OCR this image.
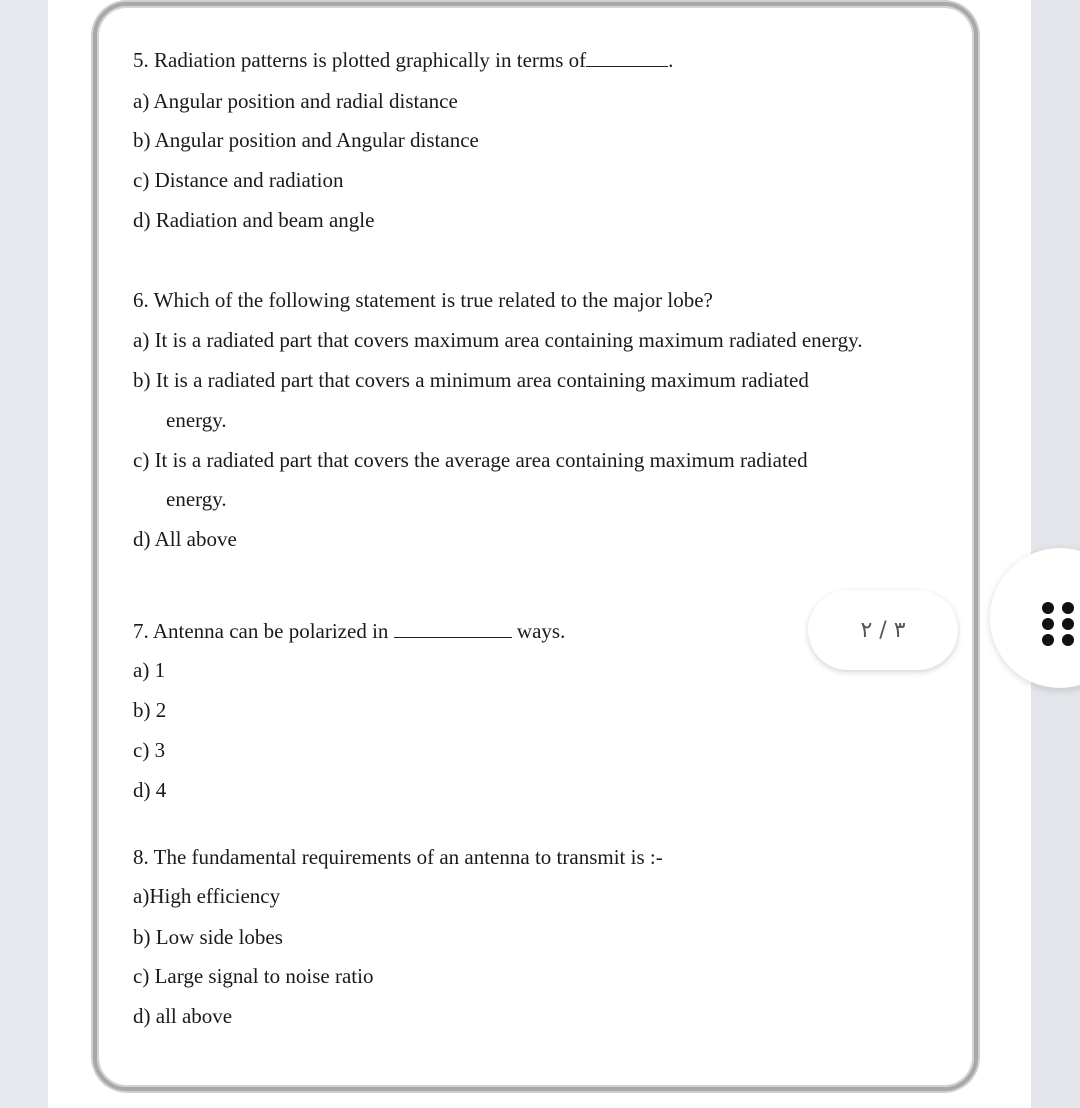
5. Radiation patterns is plotted graphically in terms of	.
a) Angular position and radial distance
b) Angular position and Angular distance
c) Distance and radiation
d) Radiation and beam angle
6. Which of the following statement is true related to the major lobe?
a) It is a radiated part that covers maximum area containing maximum radiated energy.
b) It is a radiated part that covers a minimum area containing maximum radiated
energy.
c) It is a radiated part that covers the average area containing maximum radiated
energy.
d) All above
7. Antenna can be polarized in	ways.
a) 1
b) 2
c) 3
d) 4
8. The fundamental requirements of an antenna to transmit is :-
a)High efficiency
b) Low side lobes
c) Large signal to noise ratio
d) all above
٣ / ٢
